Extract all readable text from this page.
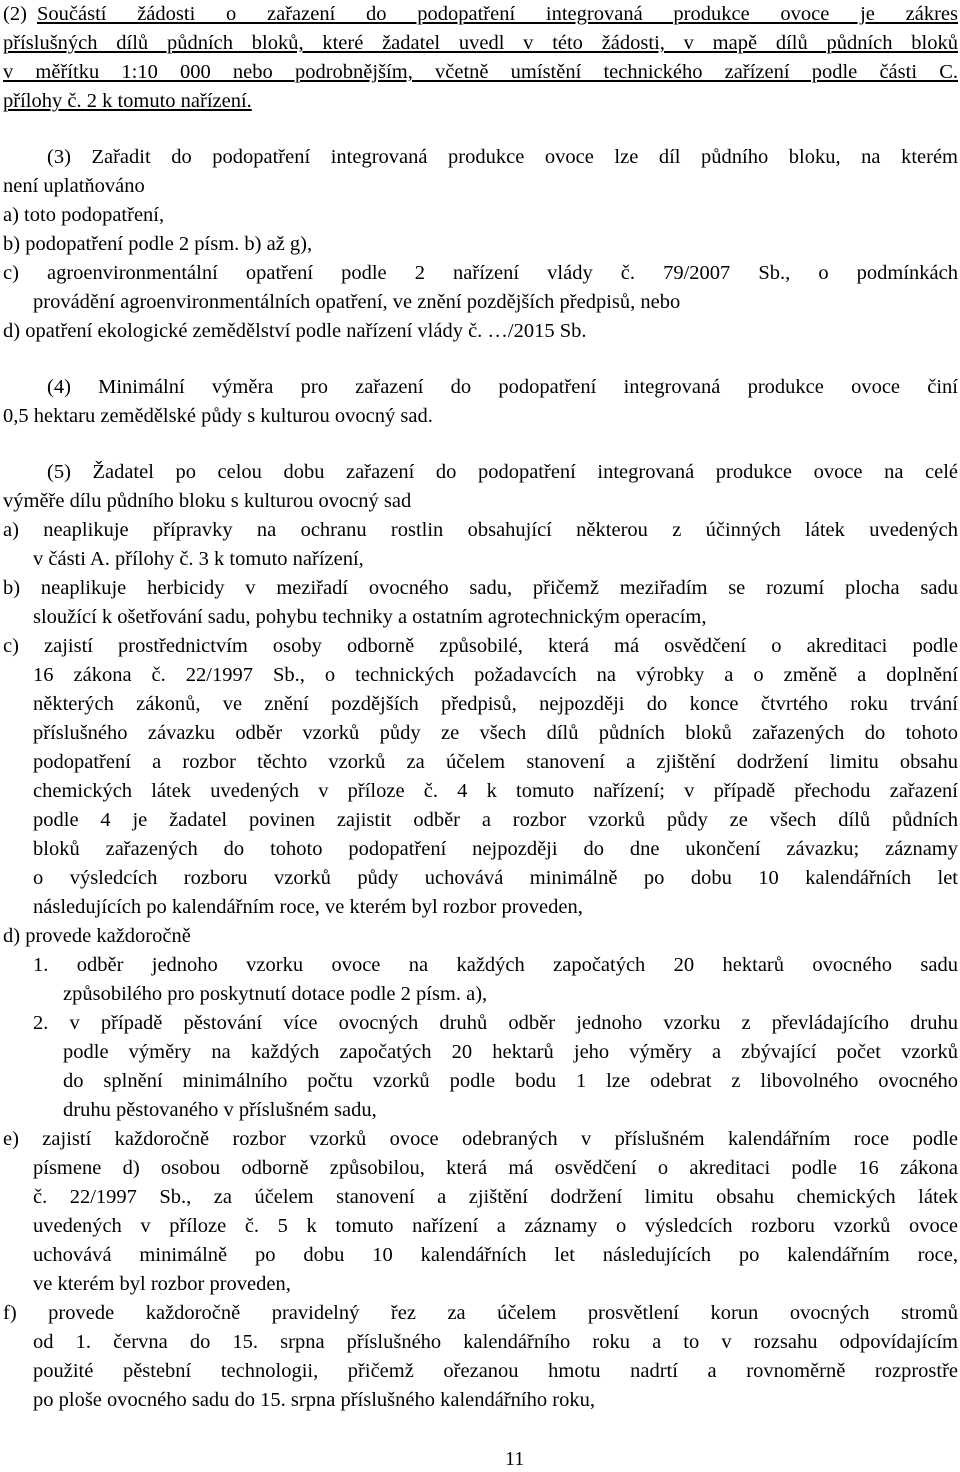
(2) Součástí žádosti o zařazení do podopatření integrovaná produkce ovoce je zákres
příslušných dílů půdních bloků, které žadatel uvedl v této žádosti, v mapě dílů půdních bloků
v měřítku 1:10 000 nebo podrobnějším, včetně umístění technického zařízení podle části C.
přílohy č. 2 k tomuto nařízení.
(3) Zařadit do podopatření integrovaná produkce ovoce lze díl půdního bloku, na kterém
není uplatňováno
a) toto podopatření,
b) podopatření podle 2 písm. b) až g),
c) agroenvironmentální opatření podle 2 nařízení vlády č. 79/2007 Sb., o podmínkách
provádění agroenvironmentálních opatření, ve znění pozdějších předpisů, nebo
d) opatření ekologické zemědělství podle nařízení vlády č. …/2015 Sb.
(4) Minimální výměra pro zařazení do podopatření integrovaná produkce ovoce činí
0,5 hektaru zemědělské půdy s kulturou ovocný sad.
(5) Žadatel po celou dobu zařazení do podopatření integrovaná produkce ovoce na celé
výměře dílu půdního bloku s kulturou ovocný sad
a) neaplikuje přípravky na ochranu rostlin obsahující některou z účinných látek uvedených
v části A. přílohy č. 3 k tomuto nařízení,
b) neaplikuje herbicidy v meziřadí ovocného sadu, přičemž meziřadím se rozumí plocha sadu
sloužící k ošetřování sadu, pohybu techniky a ostatním agrotechnickým operacím,
c) zajistí prostřednictvím osoby odborně způsobilé, která má osvědčení o akreditaci podle
16 zákona č. 22/1997 Sb., o technických požadavcích na výrobky a o změně a doplnění
některých zákonů, ve znění pozdějších předpisů, nejpozději do konce čtvrtého roku trvání
příslušného závazku odběr vzorků půdy ze všech dílů půdních bloků zařazených do tohoto
podopatření a rozbor těchto vzorků za účelem stanovení a zjištění dodržení limitu obsahu
chemických látek uvedených v příloze č. 4 k tomuto nařízení; v případě přechodu zařazení
podle 4 je žadatel povinen zajistit odběr a rozbor vzorků půdy ze všech dílů půdních
bloků zařazených do tohoto podopatření nejpozději do dne ukončení závazku; záznamy
o výsledcích rozboru vzorků půdy uchovává minimálně po dobu 10 kalendářních let
následujících po kalendářním roce, ve kterém byl rozbor proveden,
d) provede každoročně
1. odběr jednoho vzorku ovoce na každých započatých 20 hektarů ovocného sadu
způsobilého pro poskytnutí dotace podle 2 písm. a),
2. v případě pěstování více ovocných druhů odběr jednoho vzorku z převládajícího druhu
podle výměry na každých započatých 20 hektarů jeho výměry a zbývající počet vzorků
do splnění minimálního počtu vzorků podle bodu 1 lze odebrat z libovolného ovocného
druhu pěstovaného v příslušném sadu,
e) zajistí každoročně rozbor vzorků ovoce odebraných v příslušném kalendářním roce podle
písmene d) osobou odborně způsobilou, která má osvědčení o akreditaci podle 16 zákona
č. 22/1997 Sb., za účelem stanovení a zjištění dodržení limitu obsahu chemických látek
uvedených v příloze č. 5 k tomuto nařízení a záznamy o výsledcích rozboru vzorků ovoce
uchovává minimálně po dobu 10 kalendářních let následujících po kalendářním roce,
ve kterém byl rozbor proveden,
f) provede každoročně pravidelný řez za účelem prosvětlení korun ovocných stromů
od 1. června do 15. srpna příslušného kalendářního roku a to v rozsahu odpovídajícím
použité pěstební technologii, přičemž ořezanou hmotu nadrtí a rovnoměrně rozprostře
po ploše ovocného sadu do 15. srpna příslušného kalendářního roku,
11
